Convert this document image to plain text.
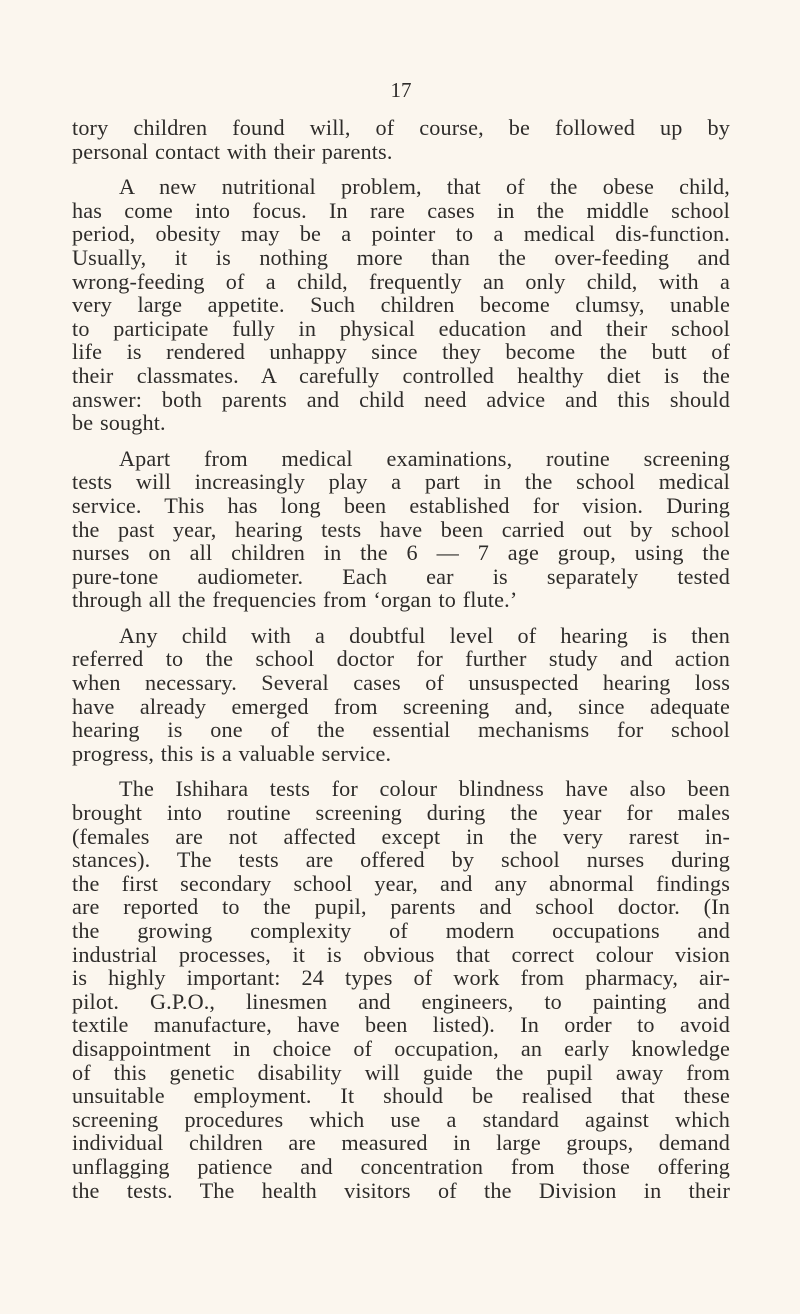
17

tory children found will, of course, be followed up by
personal contact with their parents.

A new nutritional problem, that of the obese child,
has come into focus. In rare cases in the middle school
period, obesity may be a pointer to a medical dis-function.
Usually, it is nothing more than the over-feeding and
wrong-feeding of a child, frequently an only child, with a
very large appetite. Such children become clumsy, unable
to participate fully in physical education and their school
life is rendered unhappy since they become the butt of
their classmates. A carefully controlled healthy diet is the
answer: both parents and child need advice and this should
be sought.

Apart from medical examinations, routine screening
tests will increasingly play a part in the school medical
service. This has long been established for vision. During
the past year, hearing tests have been carried out by school
nurses on all children in the 6 — 7 age group, using the
pure-tone audiometer. Each ear is separately tested
through all the frequencies from ‘organ to flute.’

Any child with a doubtful level of hearing is then
referred to the school doctor for further study and action
when necessary. Several cases of unsuspected hearing loss
have already emerged from screening and, since adequate
hearing is one of the essential mechanisms for school
progress, this is a valuable service.

The Ishihara tests for colour blindness have also been
brought into routine screening during the year for males
(females are not affected except in the very rarest in-
stances). The tests are offered by school nurses during
the first secondary school year, and any abnormal findings
are reported to the pupil, parents and school doctor. (In
the growing complexity of modern occupations and
industrial processes, it is obvious that correct colour vision
is highly important: 24 types of work from pharmacy, air-
pilot. G.P.O., linesmen and engineers, to painting and
textile manufacture, have been listed). In order to avoid
disappointment in choice of occupation, an early knowledge
of this genetic disability will guide the pupil away from
unsuitable employment. It should be realised that these
screening procedures which use a standard against which
individual children are measured in large groups, demand
unflagging patience and concentration from those offering
the tests. The health visitors of the Division in their
